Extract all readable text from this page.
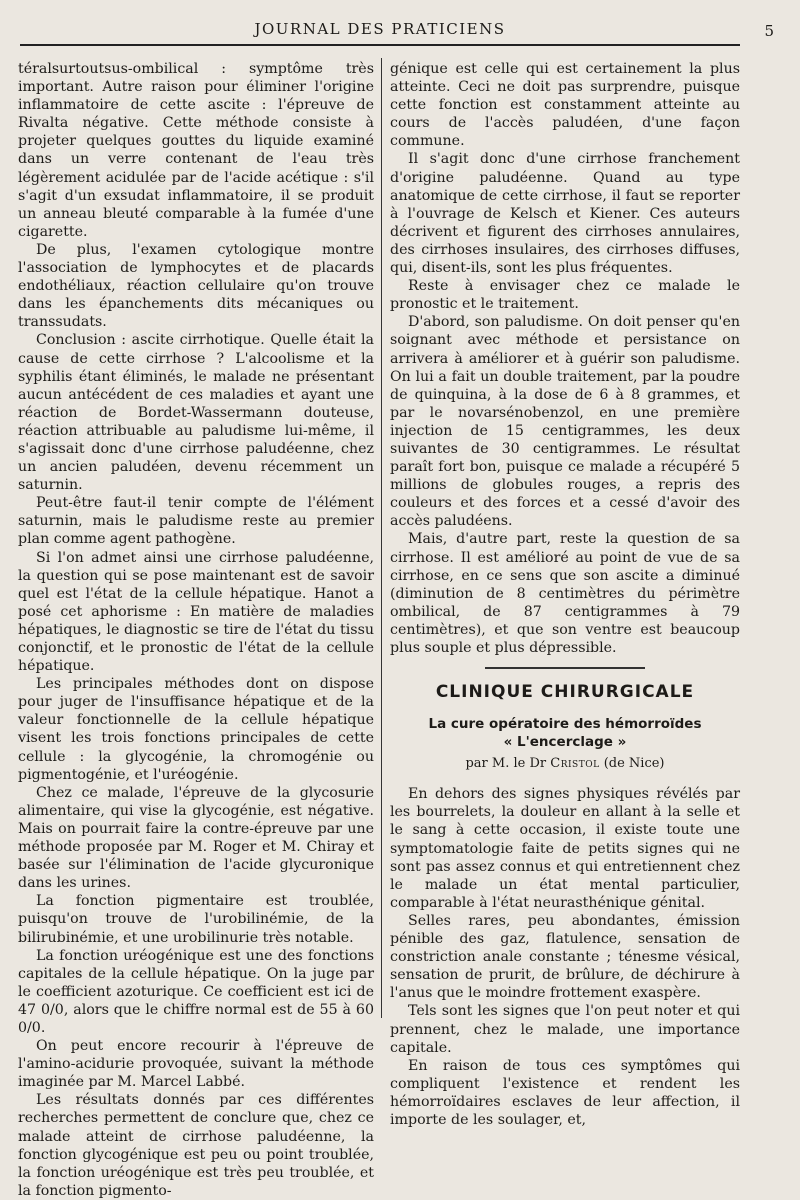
JOURNAL DES PRATICIENS	5

téralsurtoutsus-ombilical : symptôme très important. Autre raison pour éliminer l'origine inflammatoire de cette ascite : l'épreuve de Rivalta négative. Cette méthode consiste à projeter quelques gouttes du liquide examiné dans un verre contenant de l'eau très légèrement acidulée par de l'acide acétique : s'il s'agit d'un exsudat inflammatoire, il se produit un anneau bleuté comparable à la fumée d'une cigarette.

De plus, l'examen cytologique montre l'association de lymphocytes et de placards endothéliaux, réaction cellulaire qu'on trouve dans les épanchements dits mécaniques ou transsudats.

Conclusion : ascite cirrhotique. Quelle était la cause de cette cirrhose ? L'alcoolisme et la syphilis étant éliminés, le malade ne présentant aucun antécédent de ces maladies et ayant une réaction de Bordet-Wassermann douteuse, réaction attribuable au paludisme lui-même, il s'agissait donc d'une cirrhose paludéenne, chez un ancien paludéen, devenu récemment un saturnin.

Peut-être faut-il tenir compte de l'élément saturnin, mais le paludisme reste au premier plan comme agent pathogène.

Si l'on admet ainsi une cirrhose paludéenne, la question qui se pose maintenant est de savoir quel est l'état de la cellule hépatique. Hanot a posé cet aphorisme : En matière de maladies hépatiques, le diagnostic se tire de l'état du tissu conjonctif, et le pronostic de l'état de la cellule hépatique.

Les principales méthodes dont on dispose pour juger de l'insuffisance hépatique et de la valeur fonctionnelle de la cellule hépatique visent les trois fonctions principales de cette cellule : la glycogénie, la chromogénie ou pigmentogénie, et l'uréogénie.

Chez ce malade, l'épreuve de la glycosurie alimentaire, qui vise la glycogénie, est négative. Mais on pourrait faire la contre-épreuve par une méthode proposée par M. Roger et M. Chiray et basée sur l'élimination de l'acide glycuronique dans les urines.

La fonction pigmentaire est troublée, puisqu'on trouve de l'urobilinémie, de la bilirubinémie, et une urobilinurie très notable.

La fonction uréogénique est une des fonctions capitales de la cellule hépatique. On la juge par le coefficient azoturique. Ce coefficient est ici de 47 0/0, alors que le chiffre normal est de 55 à 60 0/0.

On peut encore recourir à l'épreuve de l'amino-acidurie provoquée, suivant la méthode imaginée par M. Marcel Labbé.

Les résultats donnés par ces différentes recherches permettent de conclure que, chez ce malade atteint de cirrhose paludéenne, la fonction glycogénique est peu ou point troublée, la fonction uréogénique est très peu troublée, et la fonction pigmento-

génique est celle qui est certainement la plus atteinte. Ceci ne doit pas surprendre, puisque cette fonction est constamment atteinte au cours de l'accès paludéen, d'une façon commune.

Il s'agit donc d'une cirrhose franchement d'origine paludéenne. Quand au type anatomique de cette cirrhose, il faut se reporter à l'ouvrage de Kelsch et Kiener. Ces auteurs décrivent et figurent des cirrhoses annulaires, des cirrhoses insulaires, des cirrhoses diffuses, qui, disent-ils, sont les plus fréquentes.

Reste à envisager chez ce malade le pronostic et le traitement.

D'abord, son paludisme. On doit penser qu'en soignant avec méthode et persistance on arrivera à améliorer et à guérir son paludisme. On lui a fait un double traitement, par la poudre de quinquina, à la dose de 6 à 8 grammes, et par le novarsénobenzol, en une première injection de 15 centigrammes, les deux suivantes de 30 centigrammes. Le résultat paraît fort bon, puisque ce malade a récupéré 5 millions de globules rouges, a repris des couleurs et des forces et a cessé d'avoir des accès paludéens.

Mais, d'autre part, reste la question de sa cirrhose. Il est amélioré au point de vue de sa cirrhose, en ce sens que son ascite a diminué (diminution de 8 centimètres du périmètre ombilical, de 87 centigrammes à 79 centimètres), et que son ventre est beaucoup plus souple et plus dépressible.

CLINIQUE CHIRURGICALE

La cure opératoire des hémorroïdes

« L'encerclage »

par M. le Dr Cristol (de Nice)

En dehors des signes physiques révélés par les bourrelets, la douleur en allant à la selle et le sang à cette occasion, il existe toute une symptomatologie faite de petits signes qui ne sont pas assez connus et qui entretiennent chez le malade un état mental particulier, comparable à l'état neurasthénique génital.

Selles rares, peu abondantes, émission pénible des gaz, flatulence, sensation de constriction anale constante ; ténesme vésical, sensation de prurit, de brûlure, de déchirure à l'anus que le moindre frottement exaspère.

Tels sont les signes que l'on peut noter et qui prennent, chez le malade, une importance capitale.

En raison de tous ces symptômes qui compliquent l'existence et rendent les hémorroïdaires esclaves de leur affection, il importe de les soulager, et,
